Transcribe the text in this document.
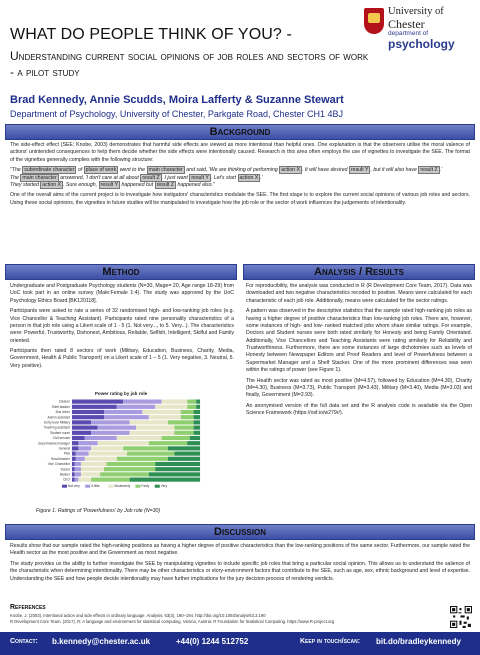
University of
Chester
department of
psychology
WHAT DO PEOPLE THINK OF YOU? -
Understanding current social opinions of job roles and sectors of work - a pilot study
Brad Kennedy, Annie Scudds, Moira Lafferty & Suzanne Stewart
Department of Psychology, University of Chester, Parkgate Road, Chester CH1 4BJ
Background

The side-effect effect (SEE; Knobe, 2003) demonstrates that harmful side effects are viewed as more intentional than helpful ones. One explanation is that the observers utilise the moral valence of actions' unintended consequences to help them decide whether the side effects were intentionally caused. Research in this area often employs the use of vignettes to investigate the SEE. The format of the vignettes generally complies with the following structure:

"The subordinate character of place of work went to the main character and said, 'We are thinking of performing action X . It will have desired result Y , but it will also have result Z .'
The main character answered, 'I don't care at all about result Z . I just want result Y . Let's start action X .'
They started action X . Sure enough, result Y happened but result Z happened also."

One of the overall aims of the current project is to investigate how instigators' characteristics modulate the SEE. The first stage is to explore the current social opinions of various job roles and sectors. Using these social opinions, the vignettes in future studies will be manipulated to investigate how the job role or the sector of work influences the judgements of intentionality.

Method

Undergraduate and Postgraduate Psychology students (N=30, Mage= 20, Age range 18-29) from UoC took part in an online survey (Male:Female 1:4). The study was approved by the UoC Psychology Ethics Board [BK120118].

Participants were asked to rate a series of 32 randomised high- and low-ranking job roles (e.g. Vice Chancellor & Teaching Assistant). Participants rated nine personality characteristics of a person in that job role using a Likert scale of 1 - 5 (1. Not very..., to 5. Very...). The characteristics were: Powerful, Trustworthy, Dishonest, Ambitious, Reliable, Selfish, Intelligent, Skilful and Family oriented.

Participants then rated 8 sectors of work (Military, Education, Business, Charity, Media, Government, Health & Public Transport) on a Likert scale of 1 – 5 (1. Very negative, 3. Neutral, 5. Very positive).

Power rating by job role
Cleaner
Shelf stacker
Bus driver
Admin assistant
Entry level Military
Teaching assistant
Student nurse
Civil servant
Supermarket manager
General
Pilot
Head teacher
Vice Chancellor
Doctor
Banker
CEO
Not very	A little	Moderately	Fairly	Very
Figure 1. Ratings of 'Powerfulness' by Job role (N=30)
Analysis / Results

For reproducibility, the analysis was conducted in R (R Development Core Team, 2017). Data was downloaded and two negative characteristics recoded to positive. Means were calculated for each characteristic of each job role. Additionally, means were calculated for the sector ratings.

A pattern was observed in the descriptive statistics that the sample rated high-ranking job roles as having a higher degree of positive characteristics than low-ranking job roles. There are, however, some instances of high- and low- ranked matched jobs whom share similar ratings. For example, Doctors and Student nurses were both rated similarly for Honesty and being Family Orientated. Additionally, Vice Chancellors and Teaching Assistants were rating similarly for Reliability and Trustworthiness. Furthermore, there are some instances of large dichotomies such as levels of Honesty between Newspaper Editors and Proof Readers and level of Powerfulness between a Supermarket Manager and a Shelf Stacker. One of the more prominent differences was seen within the ratings of power (see Figure 1).

The Health sector was rated as most positive (M=4.57), followed by Education (M=4.30), Charity (M=4.30), Business (M=3.73), Public Transport (M=3.43), Military (M=3.40), Media (M=3.03) and finally, Government (M=2.93).

An anonymised version of the full data set and the R analysis code is available via the Open Science Framework (https://osf.io/w279r/).

Discussion

Results show that our sample rated the high-ranking positions as having a higher degree of positive characteristics than the low-ranking positions of the same sector. Furthermore, our sample rated the Health sector as the most positive and the Government as most negative.

The study provides us the ability to further investigate the SEE by manipulating vignettes to include specific job roles that bring a particular social opinion. This allows us to understand the salience of the characteristic when determining intentionality. There may be other characteristics or story-environment factors that contribute to the SEE, such as age, sex, ethnic background and level of expertise. Understanding the SEE and how people decide intentionality may have further implications for the jury decision process of rendering verdicts.

References
Knobe, J. (2003). Intentional action and side effects in ordinary language. Analysis, 63(3), 190–194. http://doi.org/10.1093/analys/63.3.190
R Development Core Team. (2017). R: A language and environment for statistical computing. Vienna, Austria: R Foundation for Statistical Computing. https://www.R-project.org
Contact: b.kennedy@chester.ac.uk	+44(0) 1244 512752	Keep in touch/scan: bit.do/bradleykennedy
